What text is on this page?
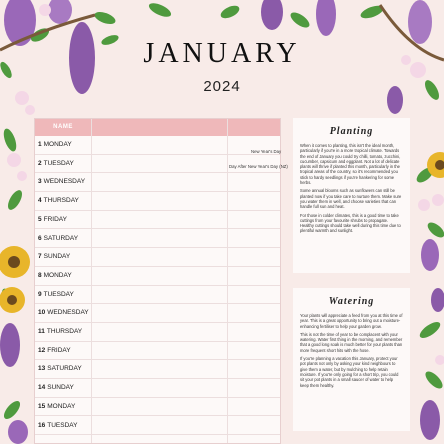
JANUARY
2024
NAME
1 MONDAY
2 TUESDAY
3 WEDNESDAY
4 THURSDAY
5 FRIDAY
6 SATURDAY
7 SUNDAY
8 MONDAY
9 TUESDAY
10 WEDNESDAY
11 THURSDAY
12 FRIDAY
13 SATURDAY
14 SUNDAY
15 MONDAY
16 TUESDAY
New Year's Day
Day After New Year's Day (NZ)
Planting

When it comes to planting, this isn't the ideal month, particularly if you're in a more tropical climate. Towards the end of January you could try chilli, tomato, zucchini, cucumber, capsicum and eggplant. Not a lot of delicate plants will thrive if planted this month, particularly in the tropical areas of the country, so it's recommended you stick to hardy seedlings if you're hankering for some herbs.

Some annual blooms such as sunflowers can still be planted now if you take care to nurture them. Make sure you water them in well, and choose varieties that can handle full sun and heat.

For those in colder climates, this is a good time to take cuttings from your favourite shrubs to propagate. Healthy cuttings should take well during this time due to plentiful warmth and sunlight.

Watering

Your plants will appreciate a feed from you at this time of year. This is a great opportunity to bring out a moisture-enhancing fertiliser to help your garden grow.

This is not the time of year to be complacent with your watering. Water first thing in the morning, and remember that a good long soak is much better for your plants than more frequent short hits with the hose.

If you're planning a vacation this January, protect your pot plants not only by asking your kind neighbours to give them a water, but by mulching to help retain moisture. If you're only going for a short trip, you could sit your pot plants in a small saucer of water to help keep them healthy.
